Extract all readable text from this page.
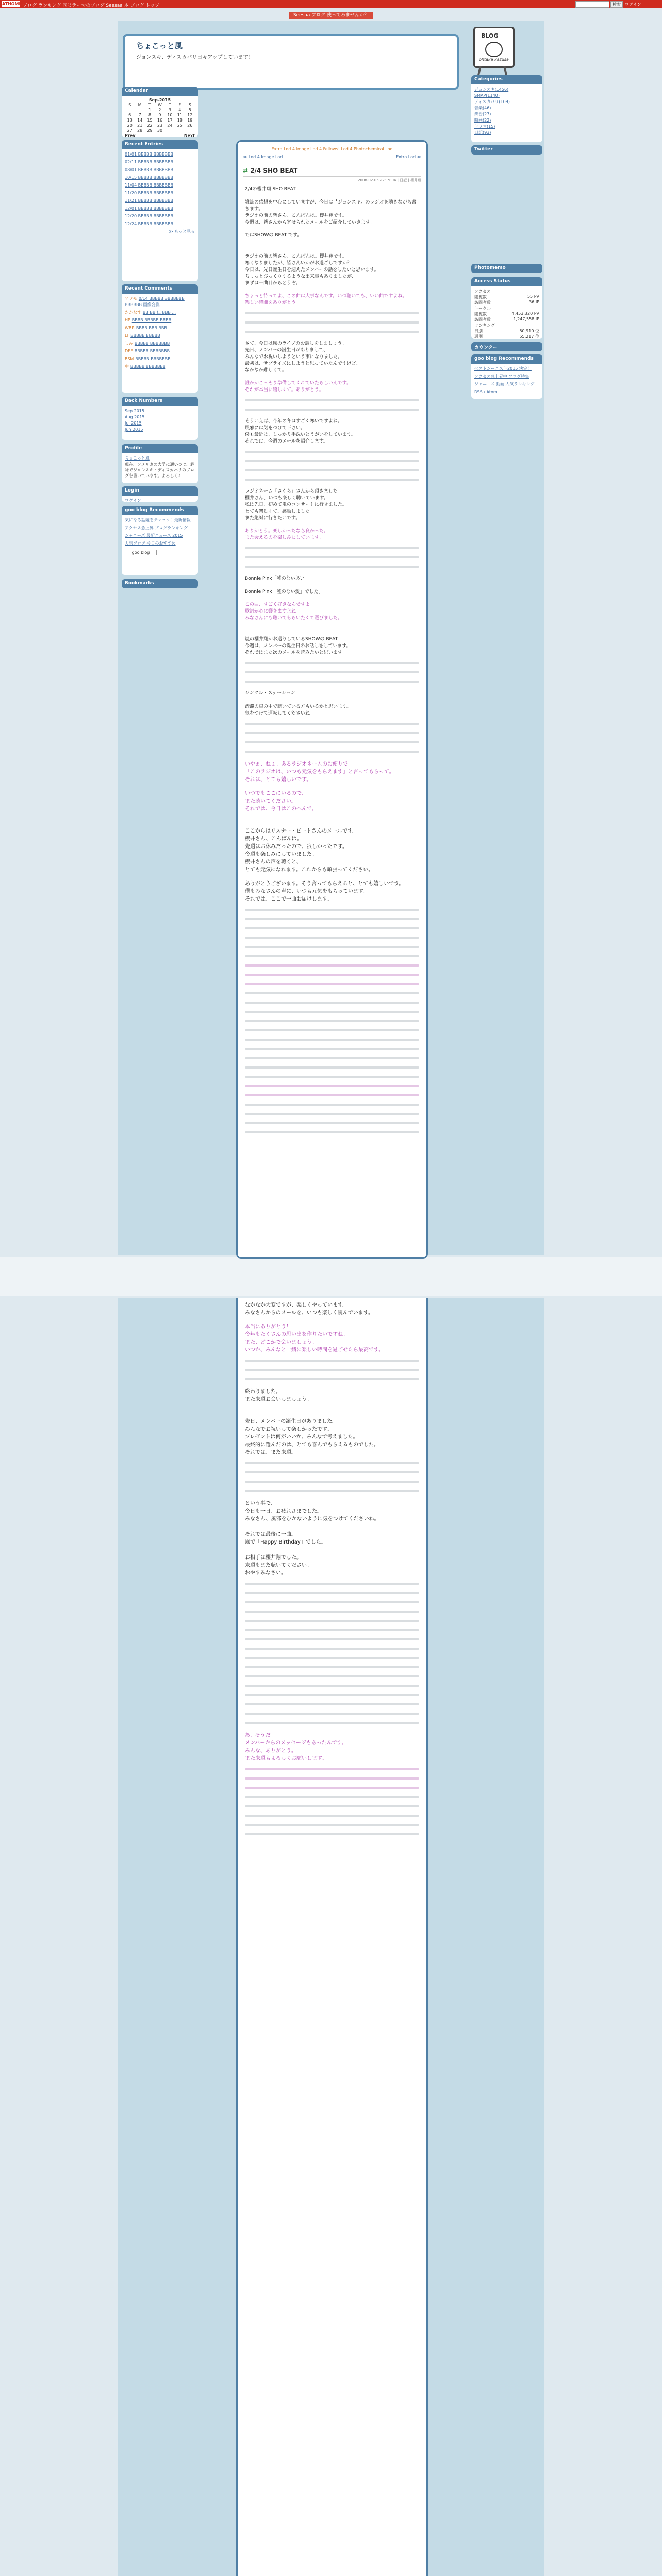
ATHOME ブログ ランキング 同じテーマのブログ Seesaa 本 ブログ トップ	検索	ログイン
Seesaa ブログ 使ってみませんか？
ちょこっと風
ジョンスキ、ディスカバリ日々アップしています！
BLOG
ohtaka kazusa
Calendar
Sep.2015
S	M	T	W	T	F	S
		1	2	3	4	5
6	7	8	9	10	11	12
13	14	15	16	17	18	19
20	21	22	23	24	25	26
27	28	29	30			
Prev	Next
Recent Entries
01/01 BBBBB BBBBBBB
02/11 BBBBB BBBBBBB
08/01 BBBBB BBBBBBB
10/15 BBBBB BBBBBBB
11/04 BBBBB BBBBBBB
11/20 BBBBB BBBBBBB
11/21 BBBBB BBBBBBB
12/01 BBBBB BBBBBBB
12/20 BBBBB BBBBBBB
12/24 BBBBB BBBBBBB
≫ もっと見る
Recent Comments
アラモ 0/14 BBBBB BBBBBBB BBBBBB 画像変換
たかなす BB BB 仁 BBB ...
HP BBBB BBBBB BBBB
WBR BBBB BBB BBB
LT BBBBB BBBBB
しみ BBBBB BBBBBBB
DEF BBBBB BBBBBBB
BSM BBBBB BBBBBBB
中 BBBBB BBBBBBB
Back Numbers
Sep 2015
Aug 2015
Jul 2015
Jun 2015
Profile
ちょこっと風
現在、アメリカの大学に通いつつ、趣味でジョンスキ・ディスカバリのブログを書いています。よろしく♪
Login
ログイン
goo blog Recommends
気になる話題をチェック！最新情報
アクセス急上昇 ブログランキング
ジャニーズ 最新ニュース 2015
人気ブログ 今日のおすすめ
goo blog
Bookmarks
Categories
ジョンスキ(1456)
SMAP(1140)
ディスカバリ(109)
音楽(46)
舞台(27)
映画(22)
ドラマ(15)
日記(93)
Twitter
Photomemo
Access Status
アクセス
閲覧数	55 PV
訪問者数	36 IP
トータル
閲覧数	4,453,320 PV
訪問者数	1,247,558 IP
ランキング
日別	50,910 位
週別	55,217 位
カウンター
goo blog Recommends
ベストジーニスト2015 決定！
アクセス急上昇中 ブログ特集
ジャニーズ 動画 人気ランキング
RSS / Atom
Extra Lod 4 Image Lod 4 Fellows! Lod 4 Photochemical Lod
≪ Lod 4 Image Lod	Extra Lod ≫
⇄ 2/4 SHO BEAT
2008-02-05 22:19:04 | 日記 | 櫻井翔
2/4の櫻井翔 SHO BEAT

雑誌の感想を中心にしていますが、今日は〝ジョンスキ〟のラジオを聴きながら書きます。
ラジオの前の皆さん、こんばんは。櫻井翔です。
今週は、皆さんから寄せられたメールをご紹介していきます。
ではSHOWの BEAT です。
ラジオの前の皆さん、こんばんは。櫻井翔です。
寒くなりましたが、皆さんいかがお過ごしですか？
今日は、先日誕生日を迎えたメンバーの話をしたいと思います。
ちょっとびっくりするような出来事もありましたが、
まずは一曲目からどうぞ。
ちょっと待ってよ、この曲は大事なんです。いつ聴いても、いい曲ですよね。
楽しい時間をありがとう。
さて、今日は嵐のライブのお話しをしましょう。
先日、メンバーの誕生日がありまして、
みんなでお祝いしようという事になりました。
最初は、サプライズにしようと思っていたんですけど、
なかなか難しくて。
誰かがこっそり準備してくれていたらしいんです。
それが本当に嬉しくて。ありがとう。
そういえば、今年の冬はすごく寒いですよね。
風邪には気をつけて下さい。
僕も最近は、しっかり手洗いとうがいをしています。
それでは、今週のメールを紹介します。
ラジオネーム「さくら」さんから頂きました。
櫻井さん、いつも楽しく聴いています。
私は先日、初めて嵐のコンサートに行きました。
とても楽しくて、感動しました。
また絶対に行きたいです。
ありがとう。楽しかったなら良かった。
また会えるのを楽しみにしています。
Bonnie Pink「嘘のないあい」

Bonnie Pink「嘘のない愛」でした。
この曲、すごく好きなんですよ。
歌詞が心に響きますよね。
みなさんにも聴いてもらいたくて選びました。
嵐の櫻井翔がお送りしているSHOWの BEAT.
今週は、メンバーの誕生日のお話しをしています。
それではまた次のメールを読みたいと思います。
ジングル・ステーション

渋滞の車の中で聴いている方もいるかと思います。
気をつけて運転してくださいね。
いやぁ、ねぇ。あるラジオネームのお便りで
「このラジオは、いつも元気をもらえます」と言ってもらって。
それは、とても嬉しいです。
いつでもここにいるので、
また聴いてください。
それでは、今日はこのへんで。
ここからはリスナー・ピートさんのメールです。
櫻井さん、こんばんは。
先週はお休みだったので、寂しかったです。
今週も楽しみにしていました。
櫻井さんの声を聴くと、
とても元気になれます。これからも頑張ってください。
ありがとうございます。そう言ってもらえると、とても嬉しいです。
僕もみなさんの声に、いつも元気をもらっています。
それでは、ここで一曲お届けします。
なかなか大変ですが、楽しくやっています。
みなさんからのメールを、いつも楽しく読んでいます。
本当にありがとう！
今年もたくさんの思い出を作りたいですね。
また、どこかで会いましょう。
いつか、みんなと一緒に楽しい時間を過ごせたら最高です。
終わりました。
また来週お会いしましょう。
先日、メンバーの誕生日がありました。
みんなでお祝いして楽しかったです。
プレゼントは何がいいか、みんなで考えました。
最終的に選んだのは、とても喜んでもらえるものでした。
それでは、また来週。
という事で、
今日も一日、お疲れさまでした。
みなさん、風邪をひかないように気をつけてくださいね。

それでは最後に一曲。
嵐で「Happy Birthday」でした。

お相手は櫻井翔でした。
来週もまた聴いてください。
おやすみなさい。
あ、そうだ。
メンバーからのメッセージもあったんです。
みんな、ありがとう。
また来週もよろしくお願いします。
